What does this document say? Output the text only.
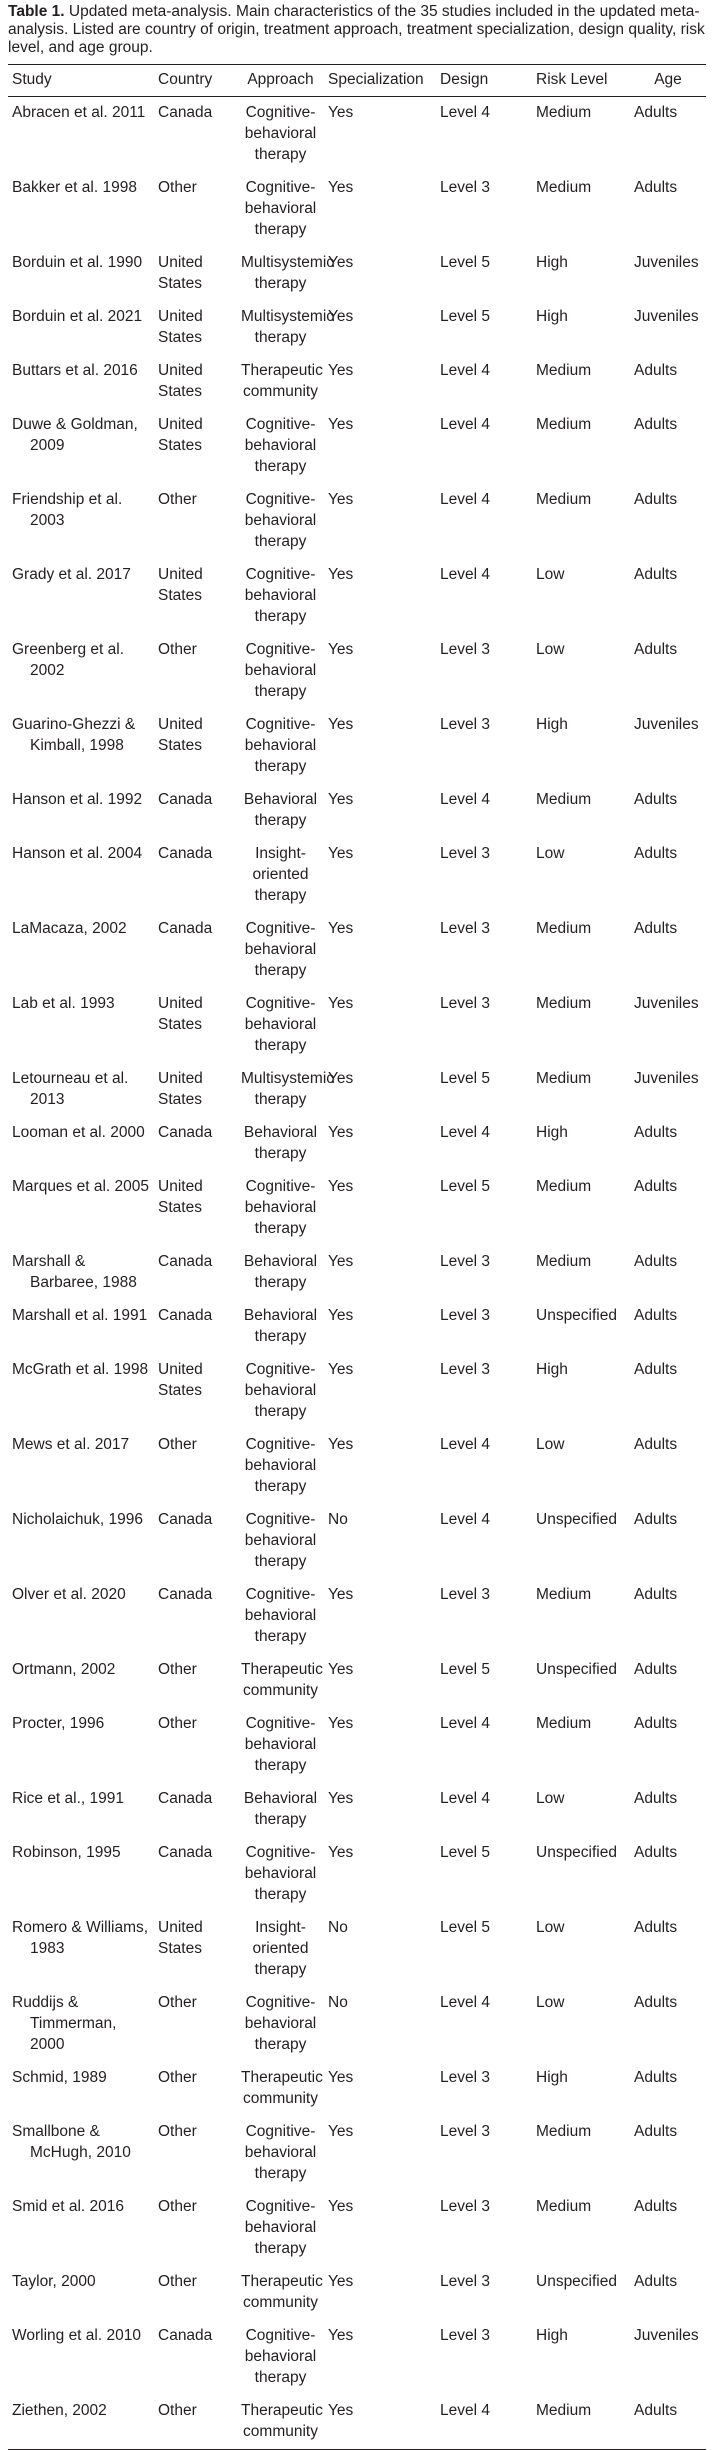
Table 1. Updated meta-analysis. Main characteristics of the 35 studies included in the updated meta-analysis. Listed are country of origin, treatment approach, treatment specialization, design quality, risk level, and age group.
Study	Country	Approach	Specialization	Design	Risk Level	Age
Abracen et al. 2011	Canada	Cognitive-behavioral therapy	Yes	Level 4	Medium	Adults
Bakker et al. 1998	Other	Cognitive-behavioral therapy	Yes	Level 3	Medium	Adults
Borduin et al. 1990	United States	Multisystemic therapy	Yes	Level 5	High	Juveniles
Borduin et al. 2021	United States	Multisystemic therapy	Yes	Level 5	High	Juveniles
Buttars et al. 2016	United States	Therapeutic community	Yes	Level 4	Medium	Adults
Duwe & Goldman, 2009	United States	Cognitive-behavioral therapy	Yes	Level 4	Medium	Adults
Friendship et al. 2003	Other	Cognitive-behavioral therapy	Yes	Level 4	Medium	Adults
Grady et al. 2017	United States	Cognitive-behavioral therapy	Yes	Level 4	Low	Adults
Greenberg et al. 2002	Other	Cognitive-behavioral therapy	Yes	Level 3	Low	Adults
Guarino-Ghezzi & Kimball, 1998	United States	Cognitive-behavioral therapy	Yes	Level 3	High	Juveniles
Hanson et al. 1992	Canada	Behavioral therapy	Yes	Level 4	Medium	Adults
Hanson et al. 2004	Canada	Insight-oriented therapy	Yes	Level 3	Low	Adults
LaMacaza, 2002	Canada	Cognitive-behavioral therapy	Yes	Level 3	Medium	Adults
Lab et al. 1993	United States	Cognitive-behavioral therapy	Yes	Level 3	Medium	Juveniles
Letourneau et al. 2013	United States	Multisystemic therapy	Yes	Level 5	Medium	Juveniles
Looman et al. 2000	Canada	Behavioral therapy	Yes	Level 4	High	Adults
Marques et al. 2005	United States	Cognitive-behavioral therapy	Yes	Level 5	Medium	Adults
Marshall & Barbaree, 1988	Canada	Behavioral therapy	Yes	Level 3	Medium	Adults
Marshall et al. 1991	Canada	Behavioral therapy	Yes	Level 3	Unspecified	Adults
McGrath et al. 1998	United States	Cognitive-behavioral therapy	Yes	Level 3	High	Adults
Mews et al. 2017	Other	Cognitive-behavioral therapy	Yes	Level 4	Low	Adults
Nicholaichuk, 1996	Canada	Cognitive-behavioral therapy	No	Level 4	Unspecified	Adults
Olver et al. 2020	Canada	Cognitive-behavioral therapy	Yes	Level 3	Medium	Adults
Ortmann, 2002	Other	Therapeutic community	Yes	Level 5	Unspecified	Adults
Procter, 1996	Other	Cognitive-behavioral therapy	Yes	Level 4	Medium	Adults
Rice et al., 1991	Canada	Behavioral therapy	Yes	Level 4	Low	Adults
Robinson, 1995	Canada	Cognitive-behavioral therapy	Yes	Level 5	Unspecified	Adults
Romero & Williams, 1983	United States	Insight-oriented therapy	No	Level 5	Low	Adults
Ruddijs & Timmerman, 2000	Other	Cognitive-behavioral therapy	No	Level 4	Low	Adults
Schmid, 1989	Other	Therapeutic community	Yes	Level 3	High	Adults
Smallbone & McHugh, 2010	Other	Cognitive-behavioral therapy	Yes	Level 3	Medium	Adults
Smid et al. 2016	Other	Cognitive-behavioral therapy	Yes	Level 3	Medium	Adults
Taylor, 2000	Other	Therapeutic community	Yes	Level 3	Unspecified	Adults
Worling et al. 2010	Canada	Cognitive-behavioral therapy	Yes	Level 3	High	Juveniles
Ziethen, 2002	Other	Therapeutic community	Yes	Level 4	Medium	Adults
